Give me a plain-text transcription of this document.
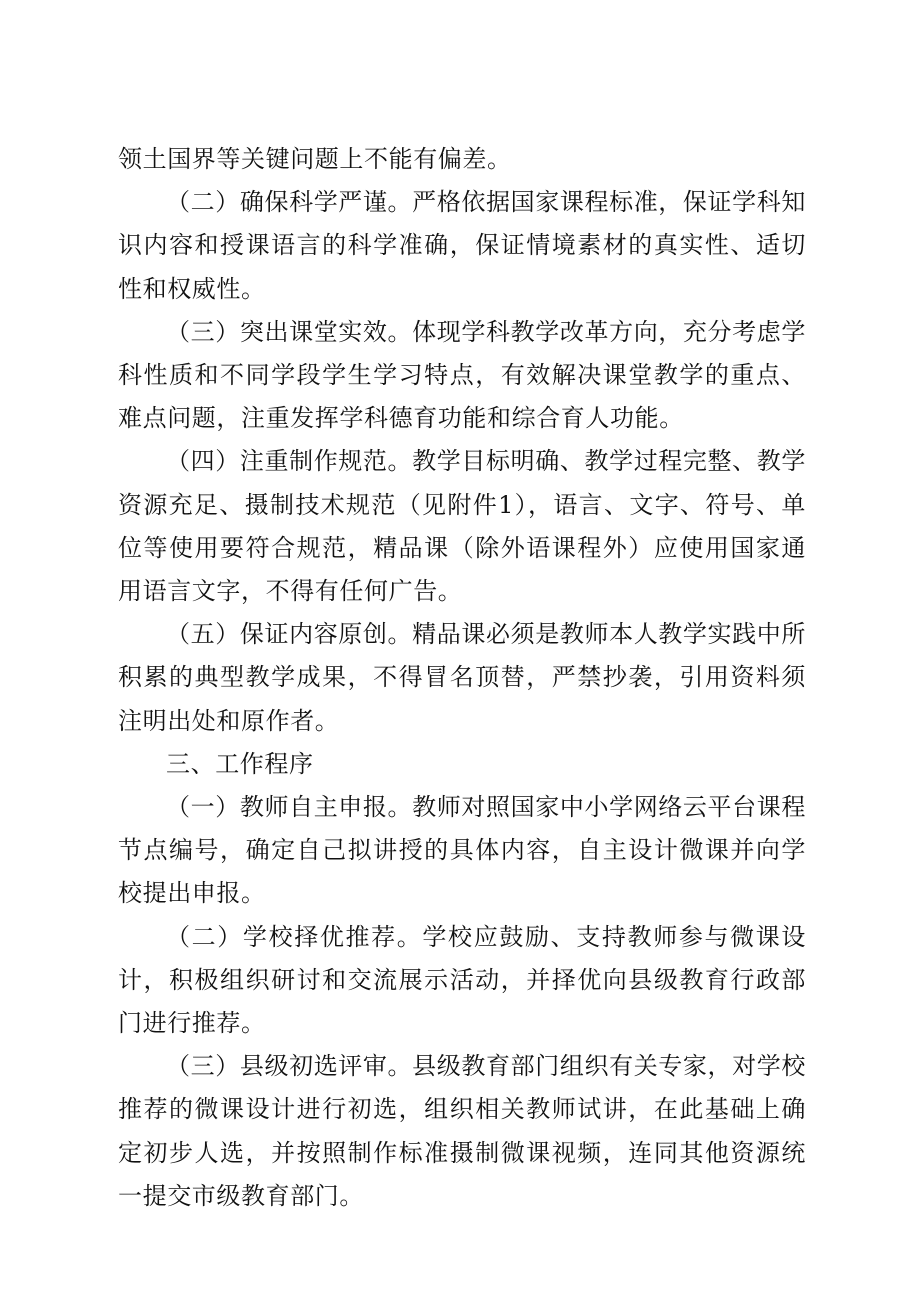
领土国界等关键问题上不能有偏差。

（二）确保科学严谨。严格依据国家课程标准，保证学科知识内容和授课语言的科学准确，保证情境素材的真实性、适切性和权威性。

（三）突出课堂实效。体现学科教学改革方向，充分考虑学科性质和不同学段学生学习特点，有效解决课堂教学的重点、难点问题，注重发挥学科德育功能和综合育人功能。

（四）注重制作规范。教学目标明确、教学过程完整、教学资源充足、摄制技术规范（见附件1），语言、文字、符号、单位等使用要符合规范，精品课（除外语课程外）应使用国家通用语言文字，不得有任何广告。

（五）保证内容原创。精品课必须是教师本人教学实践中所积累的典型教学成果，不得冒名顶替，严禁抄袭，引用资料须注明出处和原作者。

三、工作程序

（一）教师自主申报。教师对照国家中小学网络云平台课程节点编号，确定自己拟讲授的具体内容，自主设计微课并向学校提出申报。

（二）学校择优推荐。学校应鼓励、支持教师参与微课设计，积极组织研讨和交流展示活动，并择优向县级教育行政部门进行推荐。

（三）县级初选评审。县级教育部门组织有关专家，对学校推荐的微课设计进行初选，组织相关教师试讲，在此基础上确定初步人选，并按照制作标准摄制微课视频，连同其他资源统一提交市级教育部门。
